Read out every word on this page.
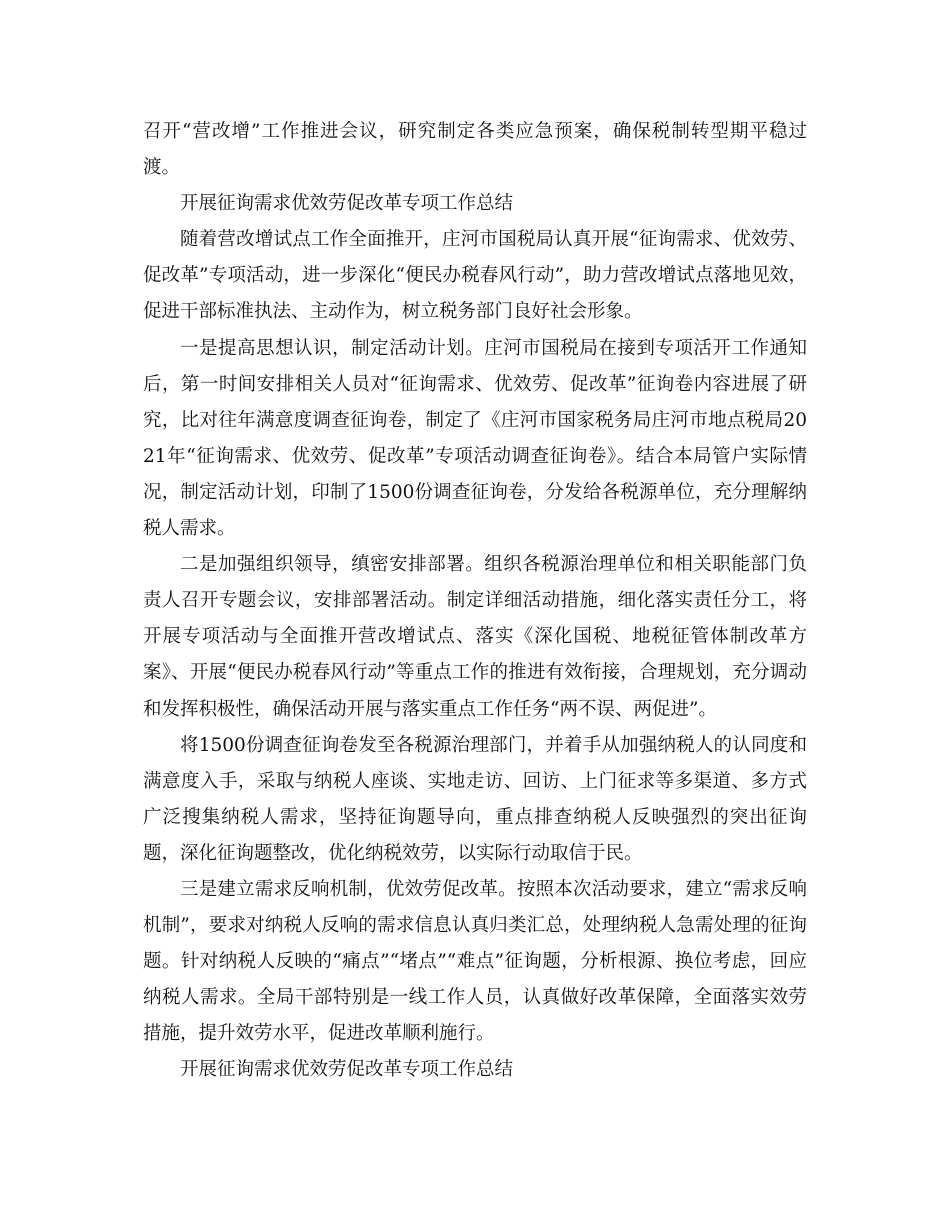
召开“营改增”工作推进会议，研究制定各类应急预案，确保税制转型期平稳过渡。

开展征询需求优效劳促改革专项工作总结

随着营改增试点工作全面推开，庄河市国税局认真开展“征询需求、优效劳、促改革”专项活动，进一步深化“便民办税春风行动”，助力营改增试点落地见效，促进干部标准执法、主动作为，树立税务部门良好社会形象。

一是提高思想认识，制定活动计划。庄河市国税局在接到专项活开工作通知后，第一时间安排相关人员对“征询需求、优效劳、促改革”征询卷内容进展了研究，比对往年满意度调查征询卷，制定了《庄河市国家税务局庄河市地点税局2021年“征询需求、优效劳、促改革”专项活动调查征询卷》。结合本局管户实际情况，制定活动计划，印制了1500份调查征询卷，分发给各税源单位，充分理解纳税人需求。

二是加强组织领导，缜密安排部署。组织各税源治理单位和相关职能部门负责人召开专题会议，安排部署活动。制定详细活动措施，细化落实责任分工，将开展专项活动与全面推开营改增试点、落实《深化国税、地税征管体制改革方案》、开展“便民办税春风行动”等重点工作的推进有效衔接，合理规划，充分调动和发挥积极性，确保活动开展与落实重点工作任务“两不误、两促进”。

将1500份调查征询卷发至各税源治理部门，并着手从加强纳税人的认同度和满意度入手，采取与纳税人座谈、实地走访、回访、上门征求等多渠道、多方式广泛搜集纳税人需求，坚持征询题导向，重点排查纳税人反映强烈的突出征询题，深化征询题整改，优化纳税效劳，以实际行动取信于民。

三是建立需求反响机制，优效劳促改革。按照本次活动要求，建立“需求反响机制”，要求对纳税人反响的需求信息认真归类汇总，处理纳税人急需处理的征询题。针对纳税人反映的“痛点”“堵点”“难点”征询题，分析根源、换位考虑，回应纳税人需求。全局干部特别是一线工作人员，认真做好改革保障，全面落实效劳措施，提升效劳水平，促进改革顺利施行。

开展征询需求优效劳促改革专项工作总结
